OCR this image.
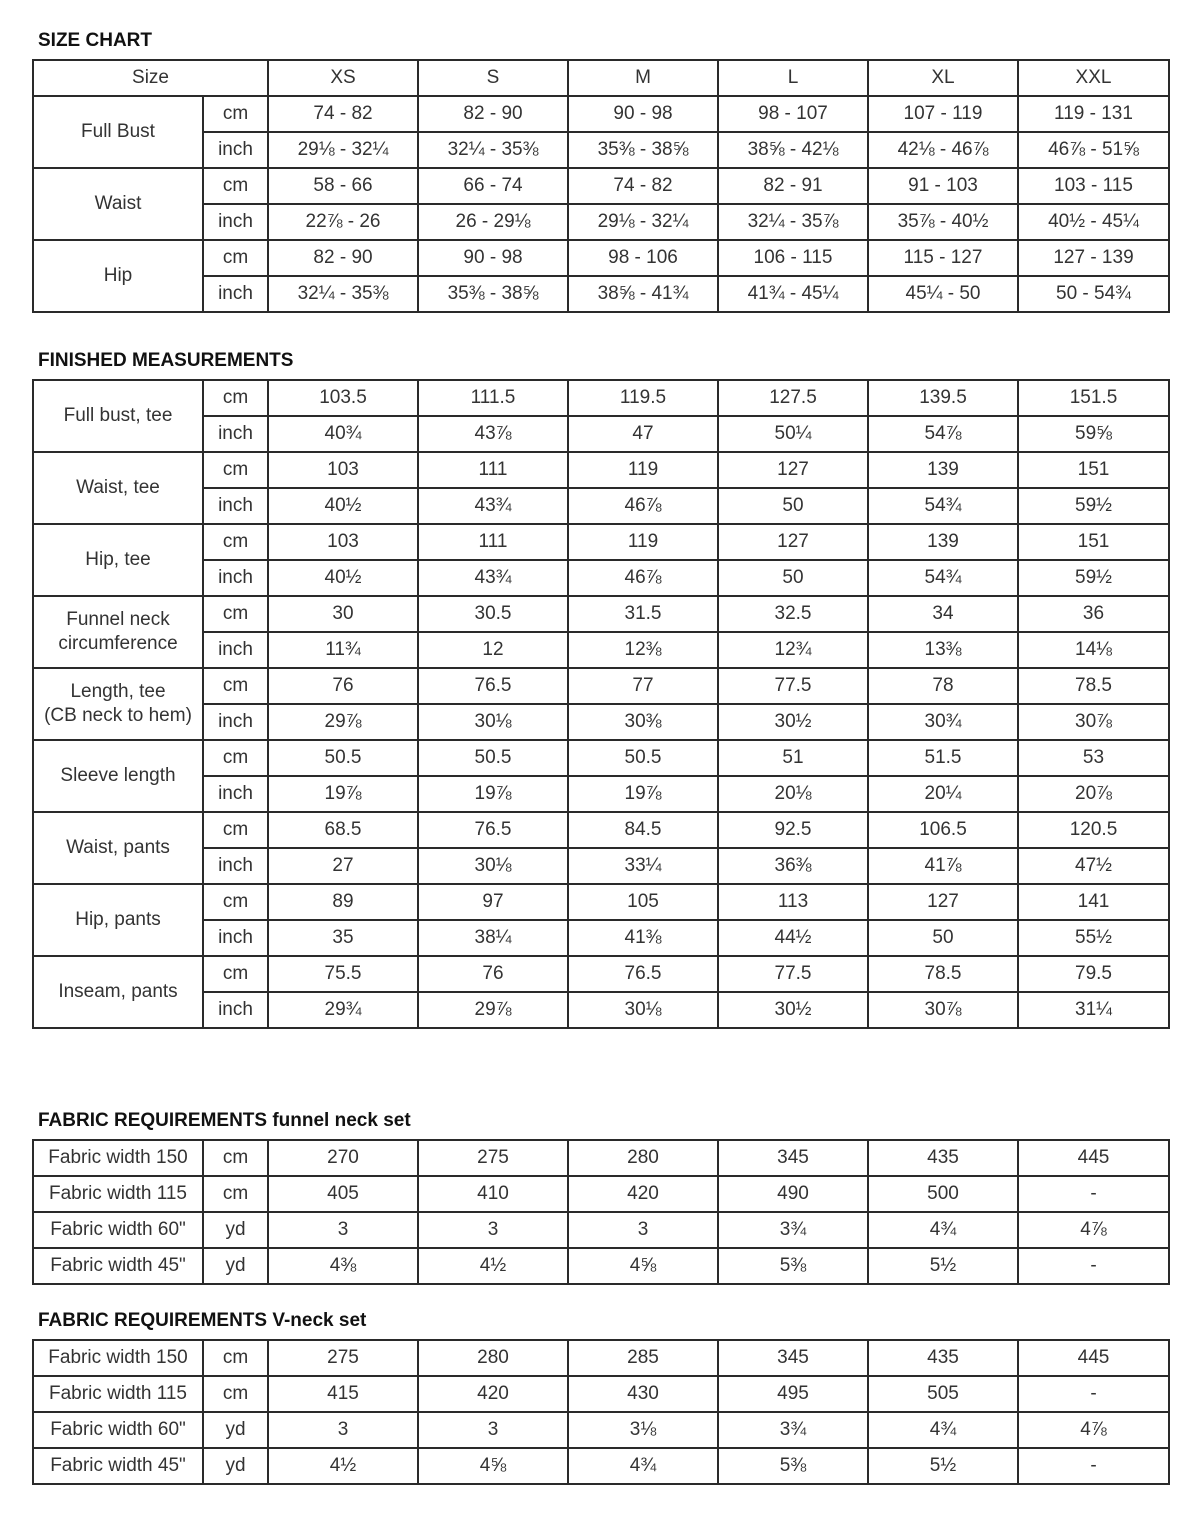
SIZE CHART
Size		XS	S	M	L	XL	XXL
Full Bust	cm	74 - 82	82 - 90	90 - 98	98 - 107	107 - 119	119 - 131
	inch	29⅛ - 32¼	32¼ - 35⅜	35⅜ - 38⅝	38⅝ - 42⅛	42⅛ - 46⅞	46⅞ - 51⅝
Waist	cm	58 - 66	66 - 74	74 - 82	82 - 91	91 - 103	103 - 115
	inch	22⅞ - 26	26 - 29⅛	29⅛ - 32¼	32¼ - 35⅞	35⅞ - 40½	40½ - 45¼
Hip	cm	82 - 90	90 - 98	98 - 106	106 - 115	115 - 127	127 - 139
	inch	32¼ - 35⅜	35⅜ - 38⅝	38⅝ - 41¾	41¾ - 45¼	45¼ - 50	50 - 54¾
FINISHED MEASUREMENTS
Full bust, tee	cm	103.5	111.5	119.5	127.5	139.5	151.5
	inch	40¾	43⅞	47	50¼	54⅞	59⅝

Waist, tee	cm	103	111	119	127	139	151
	inch	40½	43¾	46⅞	50	54¾	59½

Hip, tee	cm	103	111	119	127	139	151
	inch	40½	43¾	46⅞	50	54¾	59½

Funnel neck
circumference	cm	30	30.5	31.5	32.5	34	36
	inch	11¾	12	12⅜	12¾	13⅜	14⅛

Length, tee
(CB neck to hem)	cm	76	76.5	77	77.5	78	78.5
	inch	29⅞	30⅛	30⅜	30½	30¾	30⅞

Sleeve length	cm	50.5	50.5	50.5	51	51.5	53
	inch	19⅞	19⅞	19⅞	20⅛	20¼	20⅞

Waist, pants	cm	68.5	76.5	84.5	92.5	106.5	120.5
	inch	27	30⅛	33¼	36⅜	41⅞	47½

Hip, pants	cm	89	97	105	113	127	141
	inch	35	38¼	41⅜	44½	50	55½

Inseam, pants	cm	75.5	76	76.5	77.5	78.5	79.5
	inch	29¾	29⅞	30⅛	30½	30⅞	31¼
FABRIC REQUIREMENTS funnel neck set
Fabric width 150	cm	270	275	280	345	435	445
Fabric width 115	cm	405	410	420	490	500	-
Fabric width 60"	yd	3	3	3	3¾	4¾	4⅞
Fabric width 45"	yd	4⅜	4½	4⅝	5⅜	5½	-
FABRIC REQUIREMENTS V-neck set
Fabric width 150	cm	275	280	285	345	435	445
Fabric width 115	cm	415	420	430	495	505	-
Fabric width 60"	yd	3	3	3⅛	3¾	4¾	4⅞
Fabric width 45"	yd	4½	4⅝	4¾	5⅜	5½	-
